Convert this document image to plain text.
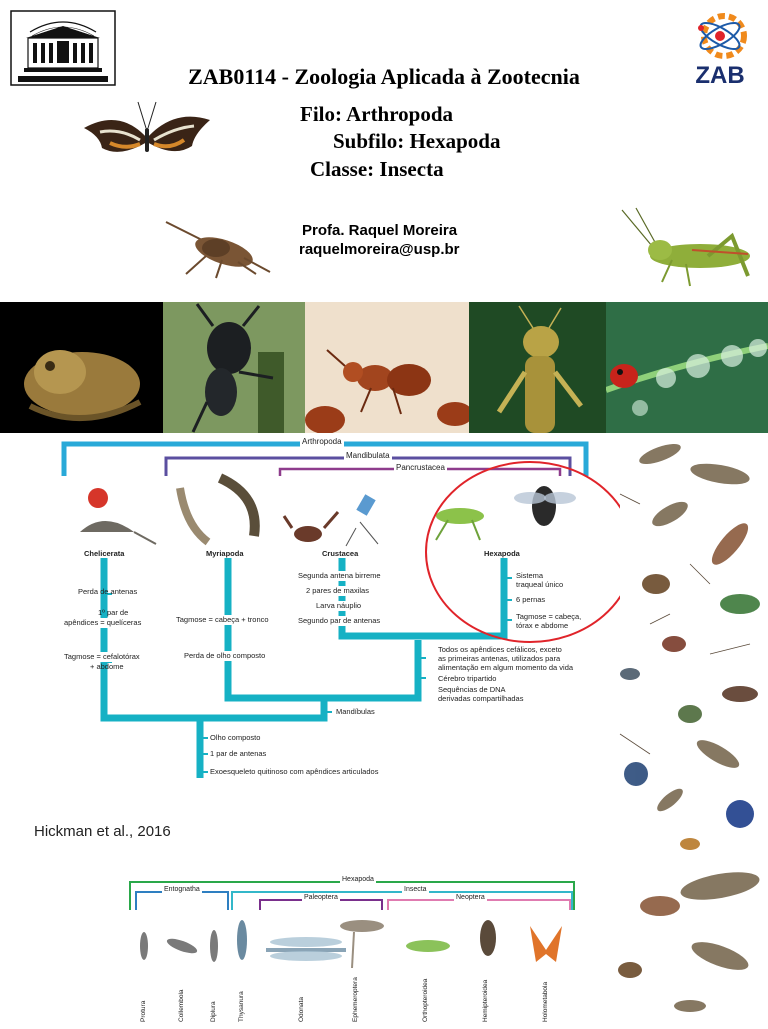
ZAB
ZAB0114 - Zoologia Aplicada à Zootecnia
Filo: Arthropoda
Subfilo: Hexapoda
Classe: Insecta
Profa. Raquel Moreira
raquelmoreira@usp.br
Arthropoda
Mandibulata
Pancrustacea
Chelicerata	Myriapoda	Crustacea	Hexapoda
Perda de antenas
1º par de
apêndices = quelíceras
Tagmose = cefalotórax
+ abdome
Tagmose = cabeça + tronco
Perda de olho composto
Segunda antena birreme
2 pares de maxilas
Larva náuplio
Segundo par de antenas
Sistema
traqueal único
6 pernas
Tagmose = cabeça,
tórax e abdome
Todos os apêndices cefálicos, exceto
as primeiras antenas, utilizados para
alimentação em algum momento da vida
Cérebro tripartido
Sequências de DNA
derivadas compartilhadas
Mandíbulas
Olho composto
1 par de antenas
Exoesqueleto quitinoso com apêndices articulados
Hickman et al., 2016
Hexapoda
Entognatha	Insecta
Paleoptera	Neoptera
Protura	Collembola	Diplura	Thysanura	Odonata	Ephemeroptera	Orthopteroidea	Hemipteroidea	Holometabola
